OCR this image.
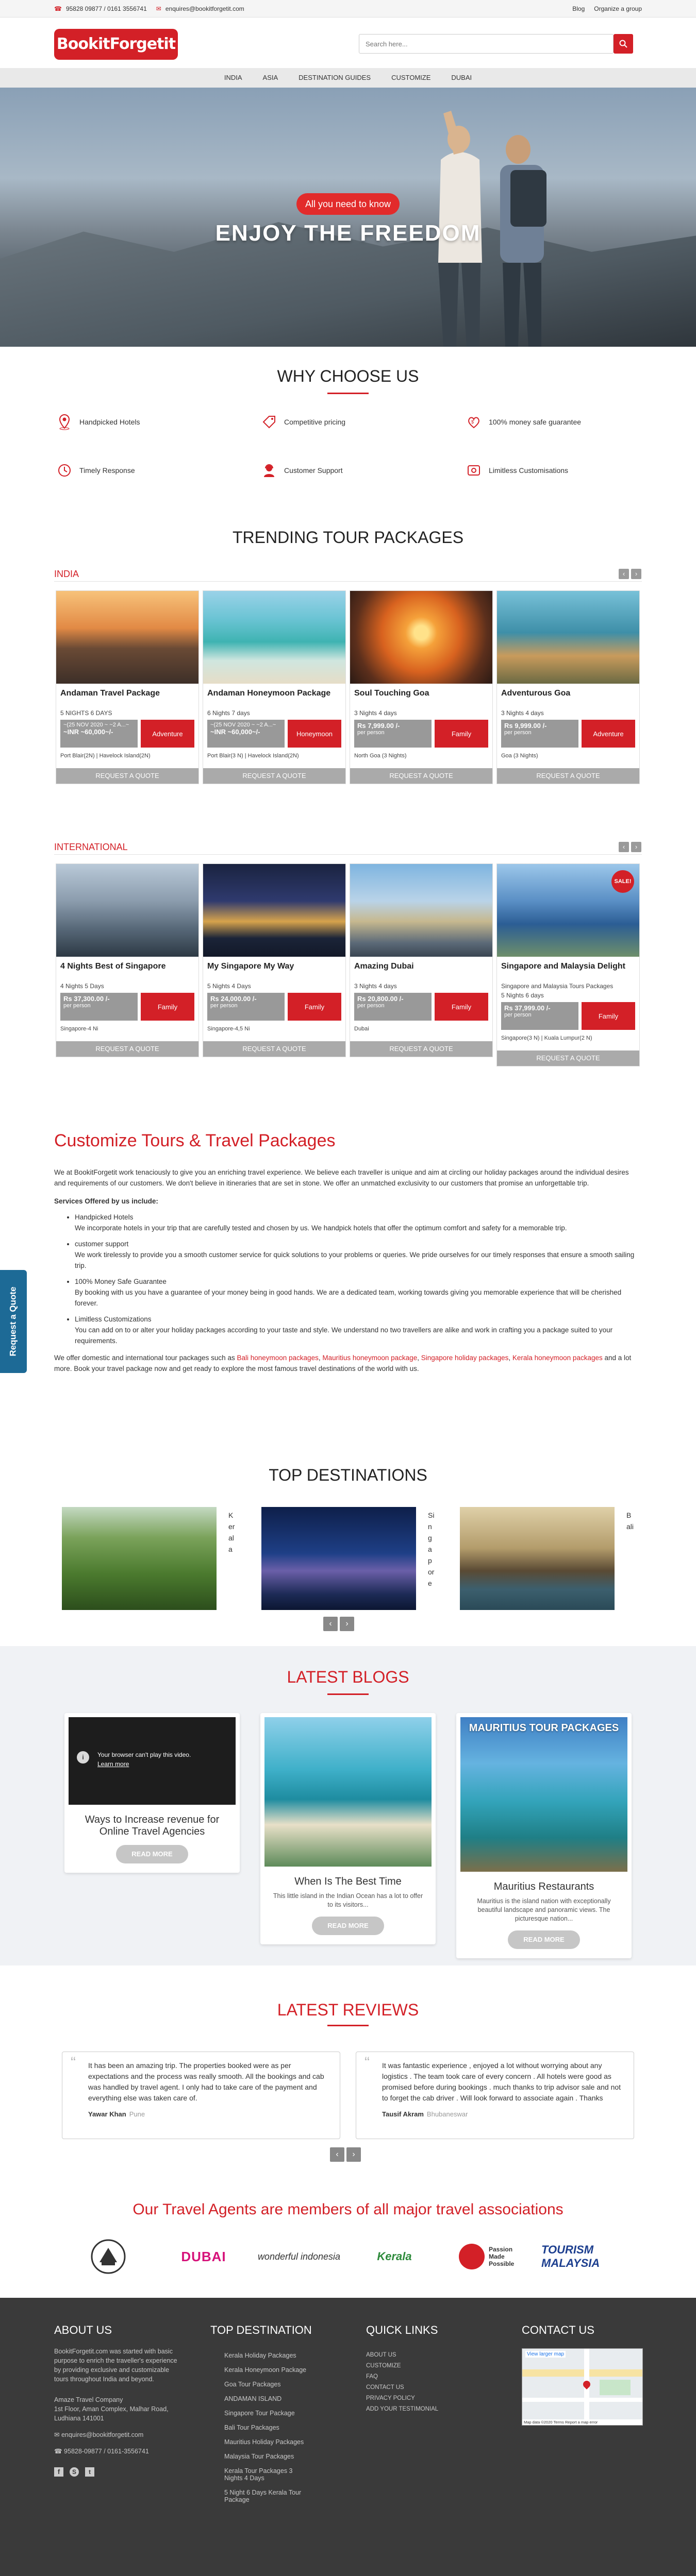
☎ 95828 09877 / 0161 3556741 ✉ enquires@bookitforgetit.com	Blog Organize a group
BookitForgetit
Search here...
INDIA	ASIA	DESTINATION GUIDES	CUSTOMIZE	DUBAI
All you need to know
ENJOY THE FREEDOM
WHY CHOOSE US
Handpicked Hotels	Competitive pricing	$ 100% money safe guarantee
Timely Response	Customer Support	Limitless Customisations
TRENDING TOUR PACKAGES
INDIA	‹	›
Andaman Travel Package
5 NIGHTS 6 DAYS
~(25 NOV 2020 ~ ~2 A...~
~INR ~60,000~/-	Adventure
Port Blair(2N) | Havelock Island(2N)
REQUEST A QUOTE
Andaman Honeymoon Package
6 Nights 7 days
~(25 NOV 2020 ~ ~2 A...~
~INR ~60,000~/-	Honeymoon
Port Blair(3 N) | Havelock Island(2N)
REQUEST A QUOTE
Soul Touching Goa
3 Nights 4 days
Rs 7,999.00 /-
per person	Family
North Goa (3 Nights)
REQUEST A QUOTE
Adventurous Goa
3 Nights 4 days
Rs 9,999.00 /-
per person	Adventure
Goa (3 Nights)
REQUEST A QUOTE
INTERNATIONAL	‹	›
4 Nights Best of Singapore
4 Nights 5 Days
Rs 37,300.00 /-
per person	Family
Singapore-4 Ni
REQUEST A QUOTE
My Singapore My Way
5 Nights 4 Days
Rs 24,000.00 /-
per person	Family
Singapore-4,5 Ni
REQUEST A QUOTE
Amazing Dubai
3 Nights 4 days
Rs 20,800.00 /-
per person	Family
Dubai
REQUEST A QUOTE
SALE!
Singapore and Malaysia Delight
Singapore and Malaysia Tours Packages
5 Nights 6 days
Rs 37,999.00 /-
per person	Family
Singapore(3 N) | Kuala Lumpur(2 N)
REQUEST A QUOTE
Customize Tours & Travel Packages

We at BookitForgetit work tenaciously to give you an enriching travel experience. We believe each traveller is unique and aim at circling our holiday packages around the individual desires and requirements of our customers. We don't believe in itineraries that are set in stone. We offer an unmatched exclusivity to our customers that promise an unforgettable trip.

Services Offered by us include:

• Handpicked Hotels
We incorporate hotels in your trip that are carefully tested and chosen by us. We handpick hotels that offer the optimum comfort and safety for a memorable trip.
• customer support
We work tirelessly to provide you a smooth customer service for quick solutions to your problems or queries. We pride ourselves for our timely responses that ensure a smooth sailing trip.
• 100% Money Safe Guarantee
By booking with us you have a guarantee of your money being in good hands. We are a dedicated team, working towards giving you memorable experience that will be cherished forever.
• Limitless Customizations
You can add on to or alter your holiday packages according to your taste and style. We understand no two travellers are alike and work in crafting you a package suited to your requirements.

We offer domestic and international tour packages such as Bali honeymoon packages, Mauritius honeymoon package, Singapore holiday packages, Kerala honeymoon packages and a lot more. Book your travel package now and get ready to explore the most famous travel destinations of the world with us.

TOP DESTINATIONS
Kerala
Singapore
Bali
‹	›
LATEST BLOGS
i	Your browser can't play this video.
Learn more
Ways to Increase revenue for Online Travel Agencies
READ MORE
When Is The Best Time
This little island in the Indian Ocean has a lot to offer to its visitors...
READ MORE
MAURITIUS TOUR PACKAGES
Mauritius Restaurants
Mauritius is the island nation with exceptionally beautiful landscape and panoramic views. The picturesque nation...
READ MORE
LATEST REVIEWS
“ It has been an amazing trip. The properties booked were as per expectations and the process was really smooth. All the bookings and cab was handled by travel agent. I only had to take care of the payment and everything else was taken care of.
Yawar Khan Pune
“ It was fantastic experience , enjoyed a lot without worrying about any logistics . The team took care of every concern . All hotels were good as promised before during bookings . much thanks to trip advisor sale and not to forget the cab driver . Will look forward to associate again . Thanks
Tausif Akram Bhubaneswar
‹	›
Our Travel Agents are members of all major travel associations
DUBAI	wonderful indonesia	Kerala
Passion Made Possible
TOURISM MALAYSIA
Request a Quote
ABOUT US
BookitForgetit.com was started with basic purpose to enrich the traveller's experience by providing exclusive and customizable tours throughout India and beyond.
Amaze Travel Company
1st Floor, Aman Complex, Malhar Road, Ludhiana 141001
✉ enquires@bookitforgetit.com
☎ 95828-09877 / 0161-3556741
f	S	t
TOP DESTINATION
Kerala Holiday Packages
Kerala Honeymoon Package
Goa Tour Packages
ANDAMAN ISLAND
Singapore Tour Package
Bali Tour Packages
Mauritius Holiday Packages
Malaysia Tour Packages
Kerala Tour Packages 3 Nights 4 Days
5 Night 6 Days Kerala Tour Package
QUICK LINKS
ABOUT US
CUSTOMIZE
FAQ
CONTACT US
PRIVACY POLICY
ADD YOUR TESTIMONIAL
CONTACT US
View larger map
Map data ©2020 Terms Report a map error
